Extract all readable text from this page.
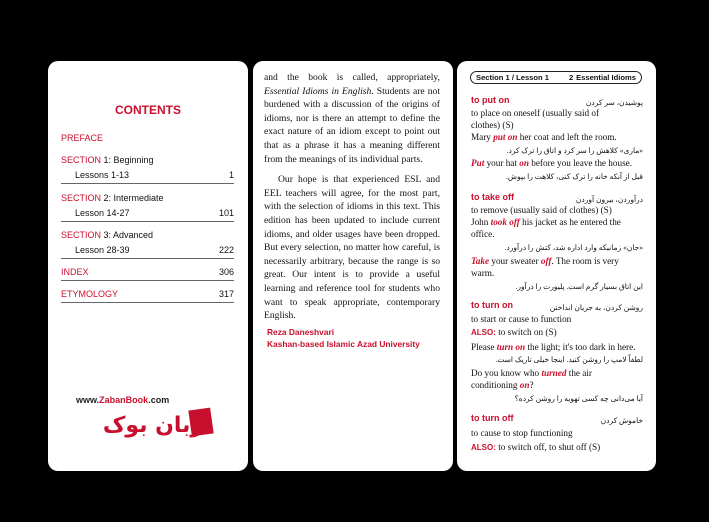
CONTENTS
PREFACE
SECTION 1: Beginning
Lessons 1-13	1
SECTION 2: Intermediate
Lesson 14-27	101
SECTION 3: Advanced
Lesson 28-39	222
INDEX	306
ETYMOLOGY	317
www.ZabanBook.com
زبان بوک

and the book is called, appropriately, Essential Idioms in English. Students are not burdened with a discussion of the origins of idioms, nor is there an attempt to define the exact nature of an idiom except to point out that as a phrase it has a meaning different from the meanings of its individual parts.

Our hope is that experienced ESL and EEL teachers will agree, for the most part, with the selection of idioms in this text. This edition has been updated to include current idioms, and older usages have been dropped. But every selection, no matter how careful, is necessarily arbitrary, because the range is so great. Our intent is to provide a useful learning and reference tool for students who want to speak appropriate, contemporary English.

Reza Daneshvari
Kashan-based Islamic Azad University
Section 1 / Lesson 1	2 Essential Idioms
to put on	پوشیدن، سر کردن
to place on oneself (usually said of
clothes) (S)
Mary put on her coat and left the room.
«ماری» کلاهش را سر کرد و اتاق را ترک کرد.
Put your hat on before you leave the house.
قبل از آنکه خانه را ترک کنی، کلاهت را بپوش.
to take off	درآوردن، بیرون آوردن
to remove (usually said of clothes) (S)
John took off his jacket as he entered the
office.
«جان» زمانیکه وارد اداره شد، کتش را درآورد.
Take your sweater off. The room is very
warm.
این اتاق بسیار گرم است. پلیورت را درآور.
to turn on	روشن کردن، به جریان انداختن
to start or cause to function
ALSO: to switch on (S)
Please turn on the light; it's too dark in here.
لطفاً لامپ را روشن کنید. اینجا خیلی تاریک است.
Do you know who turned the air
conditioning on?
آیا می‌دانی چه کسی تهویه را روشن کرده؟
to turn off	خاموش کردن
to cause to stop functioning
ALSO: to switch off, to shut off (S)
